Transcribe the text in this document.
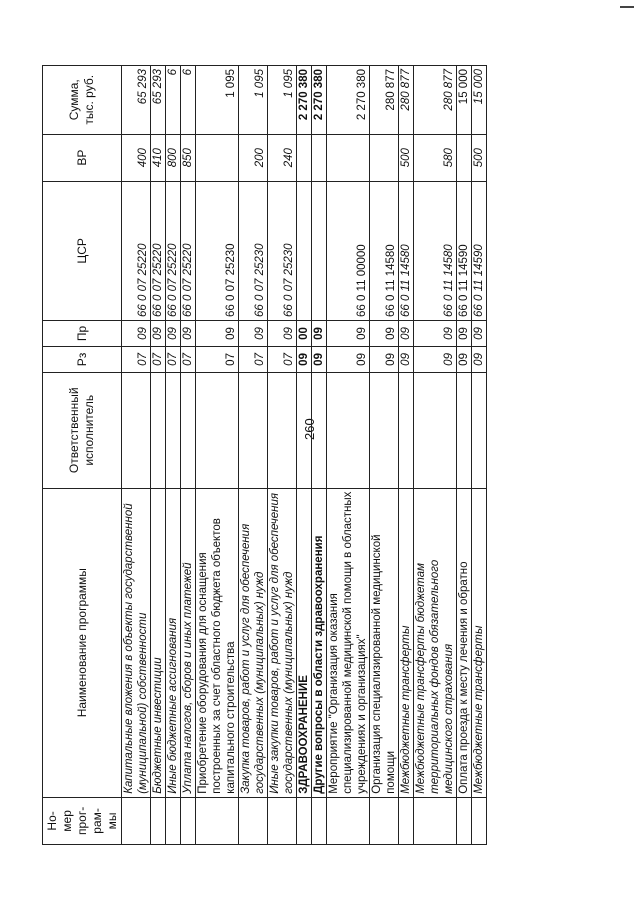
260
Но-мер прог-рам-мы	Наименование программы	Ответственный исполнитель	Рз	Пр	ЦСР	ВР	Сумма, тыс. руб.
	Капитальные вложения в объекты государственной (муниципальной) собственности		07	09	66 0 07 25220	400	65 293
	Бюджетные инвестиции		07	09	66 0 07 25220	410	65 293
	Иные бюджетные ассигнования		07	09	66 0 07 25220	800	6
	Уплата налогов, сборов и иных платежей		07	09	66 0 07 25220	850	6
	Приобретение оборудования для оснащения построенных за счет областного бюджета объектов капитального строительства		07	09	66 0 07 25230		1 095
	Закупка товаров, работ и услуг для обеспечения государственных (муниципальных) нужд		07	09	66 0 07 25230	200	1 095
	Иные закупки товаров, работ и услуг для обеспечения государственных (муниципальных) нужд		07	09	66 0 07 25230	240	1 095
	ЗДРАВООХРАНЕНИЕ		09	00			2 270 380
	Другие вопросы в области здравоохранения		09	09			2 270 380
	Мероприятие "Организация оказания специализированной медицинской помощи в областных учреждениях и организациях"		09	09	66 0 11 00000		2 270 380
	Организация специализированной медицинской помощи		09	09	66 0 11 14580		280 877
	Межбюджетные трансферты		09	09	66 0 11 14580	500	280 877
	Межбюджетные трансферты бюджетам территориальных фондов обязательного медицинского страхования		09	09	66 0 11 14580	580	280 877
	Оплата проезда к месту лечения и обратно		09	09	66 0 11 14590		15 000
	Межбюджетные трансферты		09	09	66 0 11 14590	500	15 000
